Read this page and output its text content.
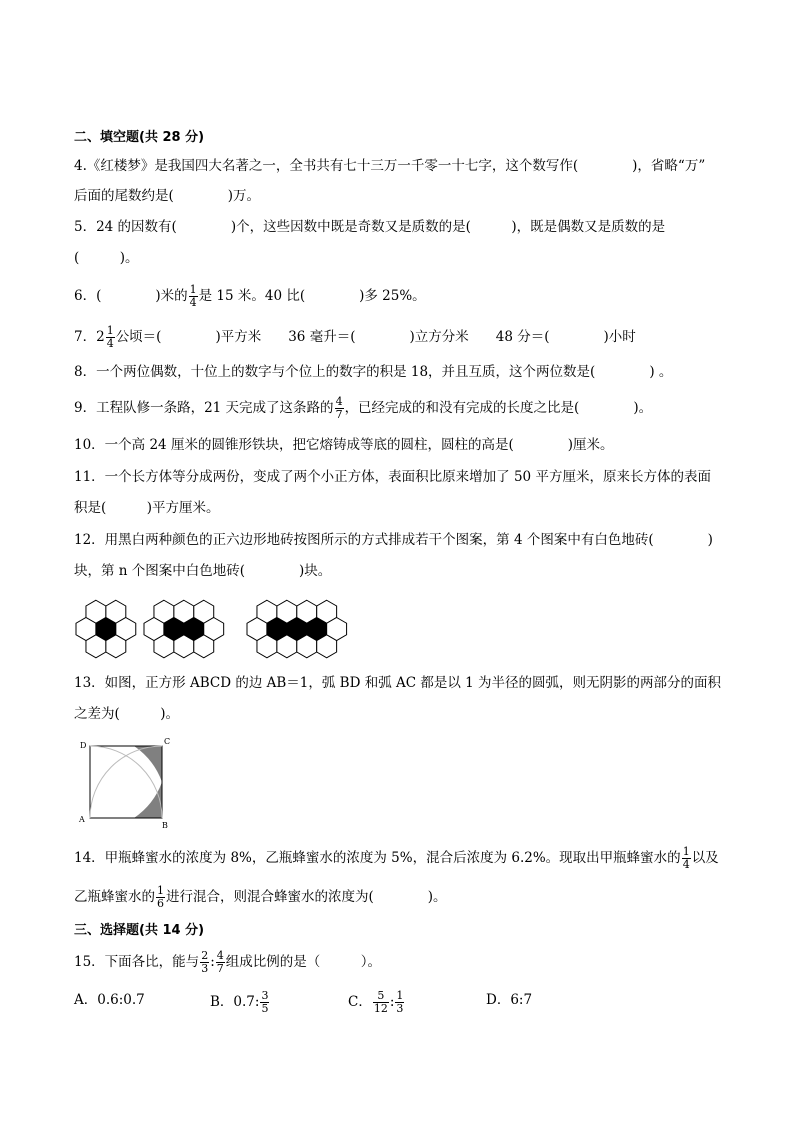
二、填空题(共 28 分)
4.《红楼梦》是我国四大名著之一，全书共有七十三万一千零一十七字，这个数写作(　　　　)，省略“万”
后面的尾数约是(　　　　)万。
5．24 的因数有(　　　　)个，这些因数中既是奇数又是质数的是(　　　)，既是偶数又是质数的是
(　　　)。
6．(　　　　)米的 $\frac{1}{4}$ 是 15 米。40 比(　　　　)多 25%。
7．$2 \frac{1}{4}$ 公顷＝(　　　　)平方米　　36 毫升＝(　　　　)立方分米　　48 分＝(　　　　)小时
8．一个两位偶数，十位上的数字与个位上的数字的积是 18，并且互质，这个两位数是(　　　　) 。
9．工程队修一条路，21 天完成了这条路的 $\frac{4}{7}$ ，已经完成的和没有完成的长度之比是(　　　　)。
10．一个高 24 厘米的圆锥形铁块，把它熔铸成等底的圆柱，圆柱的高是(　　　　)厘米。
11．一个长方体等分成两份，变成了两个小正方体，表面积比原来增加了 50 平方厘米，原来长方体的表面
积是(　　　)平方厘米。
12．用黑白两种颜色的正六边形地砖按图所示的方式排成若干个图案，第 4 个图案中有白色地砖(　　　　)
块，第 n 个图案中白色地砖(　　　　)块。
13．如图，正方形 ABCD 的边 AB＝1，弧 BD 和弧 AC 都是以 1 为半径的圆弧，则无阴影的两部分的面积
之差为(　　　)。
D	C
A
B
14．甲瓶蜂蜜水的浓度为 8%，乙瓶蜂蜜水的浓度为 5%，混合后浓度为 6.2%。现取出甲瓶蜂蜜水的 $\frac{1}{4}$ 以及
乙瓶蜂蜜水的 $\frac{1}{6}$ 进行混合，则混合蜂蜜水的浓度为(　　　　)。
三、选择题(共 14 分)
15．下面各比，能与 $\frac{2}{3}$ : $\frac{4}{7}$ 组成比例的是（　　　）。
A．0.6:0.7	B．0.7: $\frac{3}{5}$	C． $\frac{5}{12}$ : $\frac{1}{3}$	D．6:7
